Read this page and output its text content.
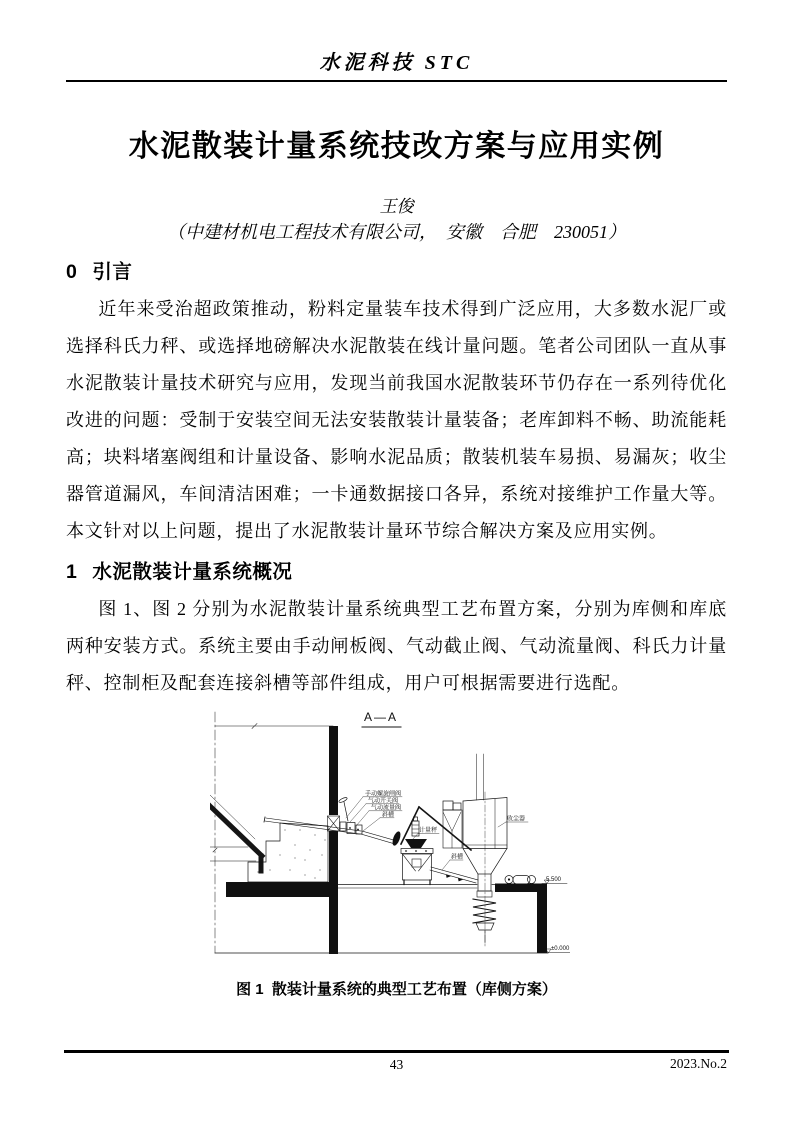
水泥科技 STC
水泥散装计量系统技改方案与应用实例
王俊
（中建材机电工程技术有限公司，　安徽　合肥　230051）
0 引言

近年来受治超政策推动，粉料定量装车技术得到广泛应用，大多数水泥厂或选择科氏力秤、或选择地磅解决水泥散装在线计量问题。笔者公司团队一直从事水泥散装计量技术研究与应用，发现当前我国水泥散装环节仍存在一系列待优化改进的问题：受制于安装空间无法安装散装计量装备；老库卸料不畅、助流能耗高；块料堵塞阀组和计量设备、影响水泥品质；散装机装车易损、易漏灰；收尘器管道漏风，车间清洁困难；一卡通数据接口各异，系统对接维护工作量大等。本文针对以上问题，提出了水泥散装计量环节综合解决方案及应用实例。

1 水泥散装计量系统概况

图 1、图 2 分别为水泥散装计量系统典型工艺布置方案，分别为库侧和库底两种安装方式。系统主要由手动闸板阀、气动截止阀、气动流量阀、科氏力计量秤、控制柜及配套连接斜槽等部件组成，用户可根据需要进行选配。

A—A
手动螺旋闸阀
气动开关阀
气动流量阀
斜槽
计量秤
斜槽
收尘器
5.500
±0.000
图 1  散装计量系统的典型工艺布置（库侧方案）
43	2023.No.2
